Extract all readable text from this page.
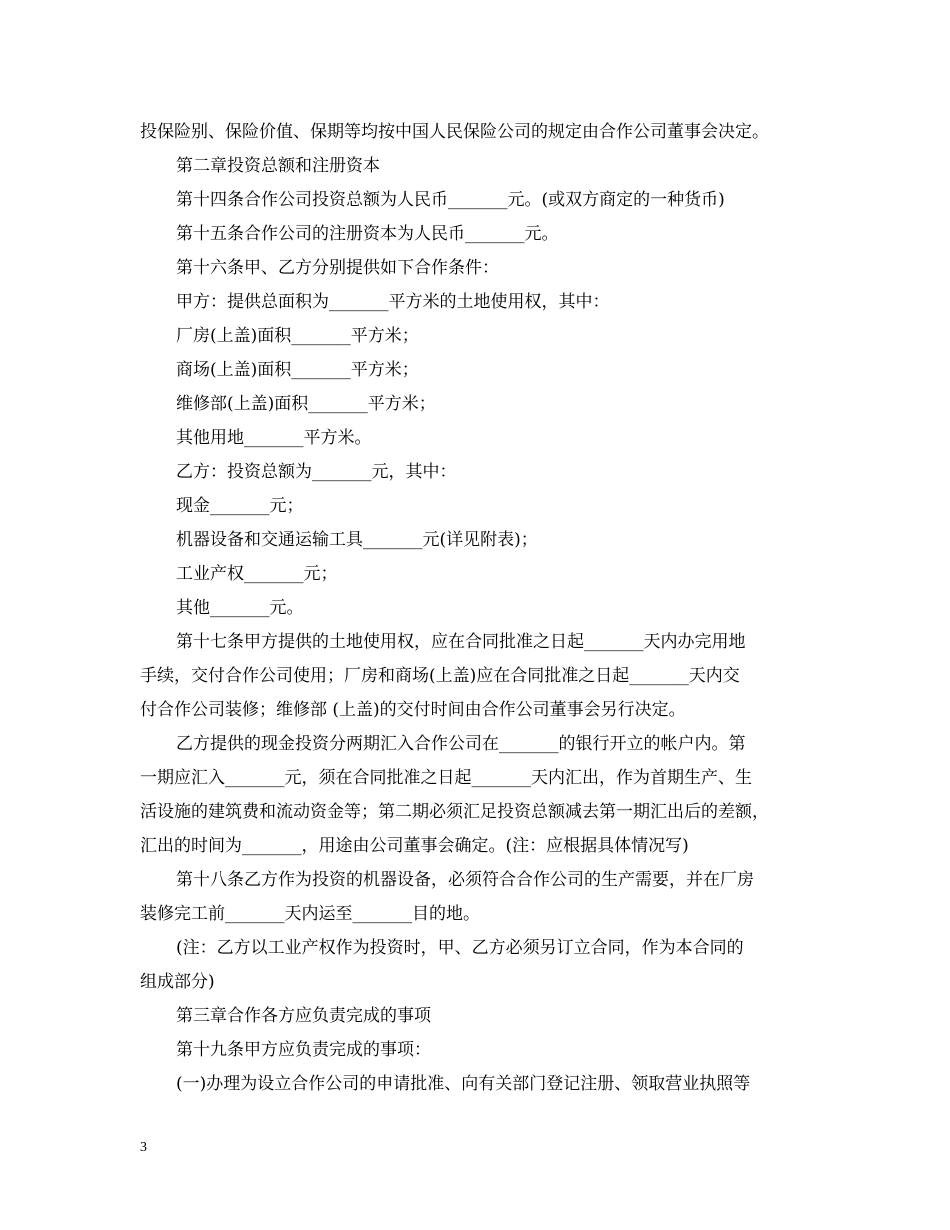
投保险别、保险价值、保期等均按中国人民保险公司的规定由合作公司董事会决定。

第二章投资总额和注册资本

第十四条合作公司投资总额为人民币_______元。(或双方商定的一种货币)

第十五条合作公司的注册资本为人民币_______元。

第十六条甲、乙方分别提供如下合作条件：

甲方：提供总面积为_______平方米的土地使用权，其中：

厂房(上盖)面积_______平方米；

商场(上盖)面积_______平方米；

维修部(上盖)面积_______平方米；

其他用地_______平方米。

乙方：投资总额为_______元，其中：

现金_______元；

机器设备和交通运输工具_______元(详见附表)；

工业产权_______元；

其他_______元。

第十七条甲方提供的土地使用权，应在合同批准之日起_______天内办完用地

手续，交付合作公司使用；厂房和商场(上盖)应在合同批准之日起_______天内交

付合作公司装修；维修部 (上盖)的交付时间由合作公司董事会另行决定。

乙方提供的现金投资分两期汇入合作公司在_______的银行开立的帐户内。第

一期应汇入_______元，须在合同批准之日起_______天内汇出，作为首期生产、生

活设施的建筑费和流动资金等；第二期必须汇足投资总额减去第一期汇出后的差额，

汇出的时间为_______，用途由公司董事会确定。(注：应根据具体情况写)

第十八条乙方作为投资的机器设备，必须符合合作公司的生产需要，并在厂房

装修完工前_______天内运至_______目的地。

(注：乙方以工业产权作为投资时，甲、乙方必须另订立合同，作为本合同的

组成部分)

第三章合作各方应负责完成的事项

第十九条甲方应负责完成的事项：

(一)办理为设立合作公司的申请批准、向有关部门登记注册、领取营业执照等

3
